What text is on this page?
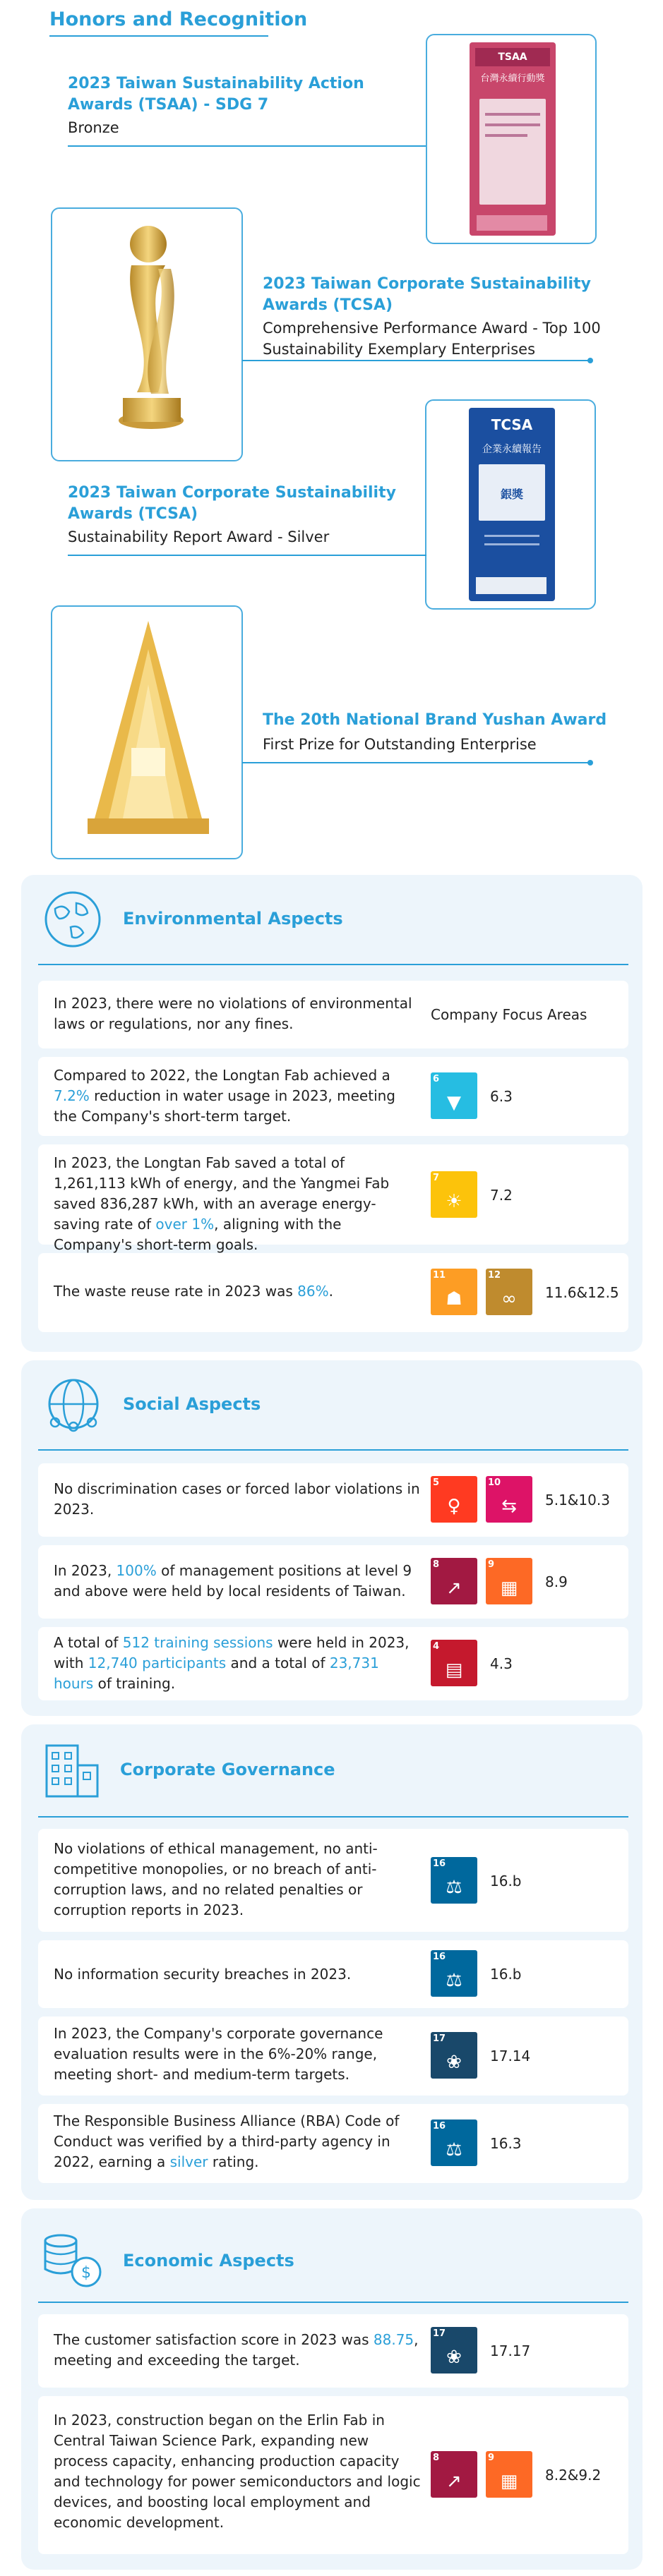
Honors and Recognition
2023 Taiwan Sustainability Action Awards (TSAA) - SDG 7
Bronze
TSAA
台灣永續行動獎
2023 Taiwan Corporate Sustainability Awards (TCSA)
Comprehensive Performance Award - Top 100 Sustainability Exemplary Enterprises
TCSA
企業永續報告
銀獎
2023 Taiwan Corporate Sustainability Awards (TCSA)
Sustainability Report Award - Silver
The 20th National Brand Yushan Award
First Prize for Outstanding Enterprise
Environmental Aspects
In 2023, there were no violations of environmental laws or regulations, nor any fines.
Company Focus Areas
Compared to 2022, the Longtan Fab achieved a 7.2% reduction in water usage in 2023, meeting the Company's short-term target.
6
▼	6.3
In 2023, the Longtan Fab saved a total of 1,261,113 kWh of energy, and the Yangmei Fab saved 836,287 kWh, with an average energy-saving rate of over 1%, aligning with the Company's short-term goals.
7
☀	7.2
The waste reuse rate in 2023 was 86%.
11
☗
12
∞	11.6&12.5
Social Aspects
No discrimination cases or forced labor violations in 2023.
5
♀
10
⇆	5.1&10.3
In 2023, 100% of management positions at level 9 and above were held by local residents of Taiwan.
8
↗
9
▦	8.9
A total of 512 training sessions were held in 2023, with 12,740 participants and a total of 23,731 hours of training.
4
▤	4.3
Corporate Governance
No violations of ethical management, no anti-competitive monopolies, or no breach of anti-corruption laws, and no related penalties or corruption reports in 2023.
16
⚖	16.b
No information security breaches in 2023.
16
⚖	16.b
In 2023, the Company's corporate governance evaluation results were in the 6%-20% range, meeting short- and medium-term targets.
17
❀	17.14
The Responsible Business Alliance (RBA) Code of Conduct was verified by a third-party agency in 2022, earning a silver rating.
16
⚖	16.3
$
Economic Aspects
The customer satisfaction score in 2023 was 88.75, meeting and exceeding the target.
17
❀	17.17
In 2023, construction began on the Erlin Fab in Central Taiwan Science Park, expanding new process capacity, enhancing production capacity and technology for power semiconductors and logic devices, and boosting local employment and economic development.
8
↗
9
▦	8.2&9.2
